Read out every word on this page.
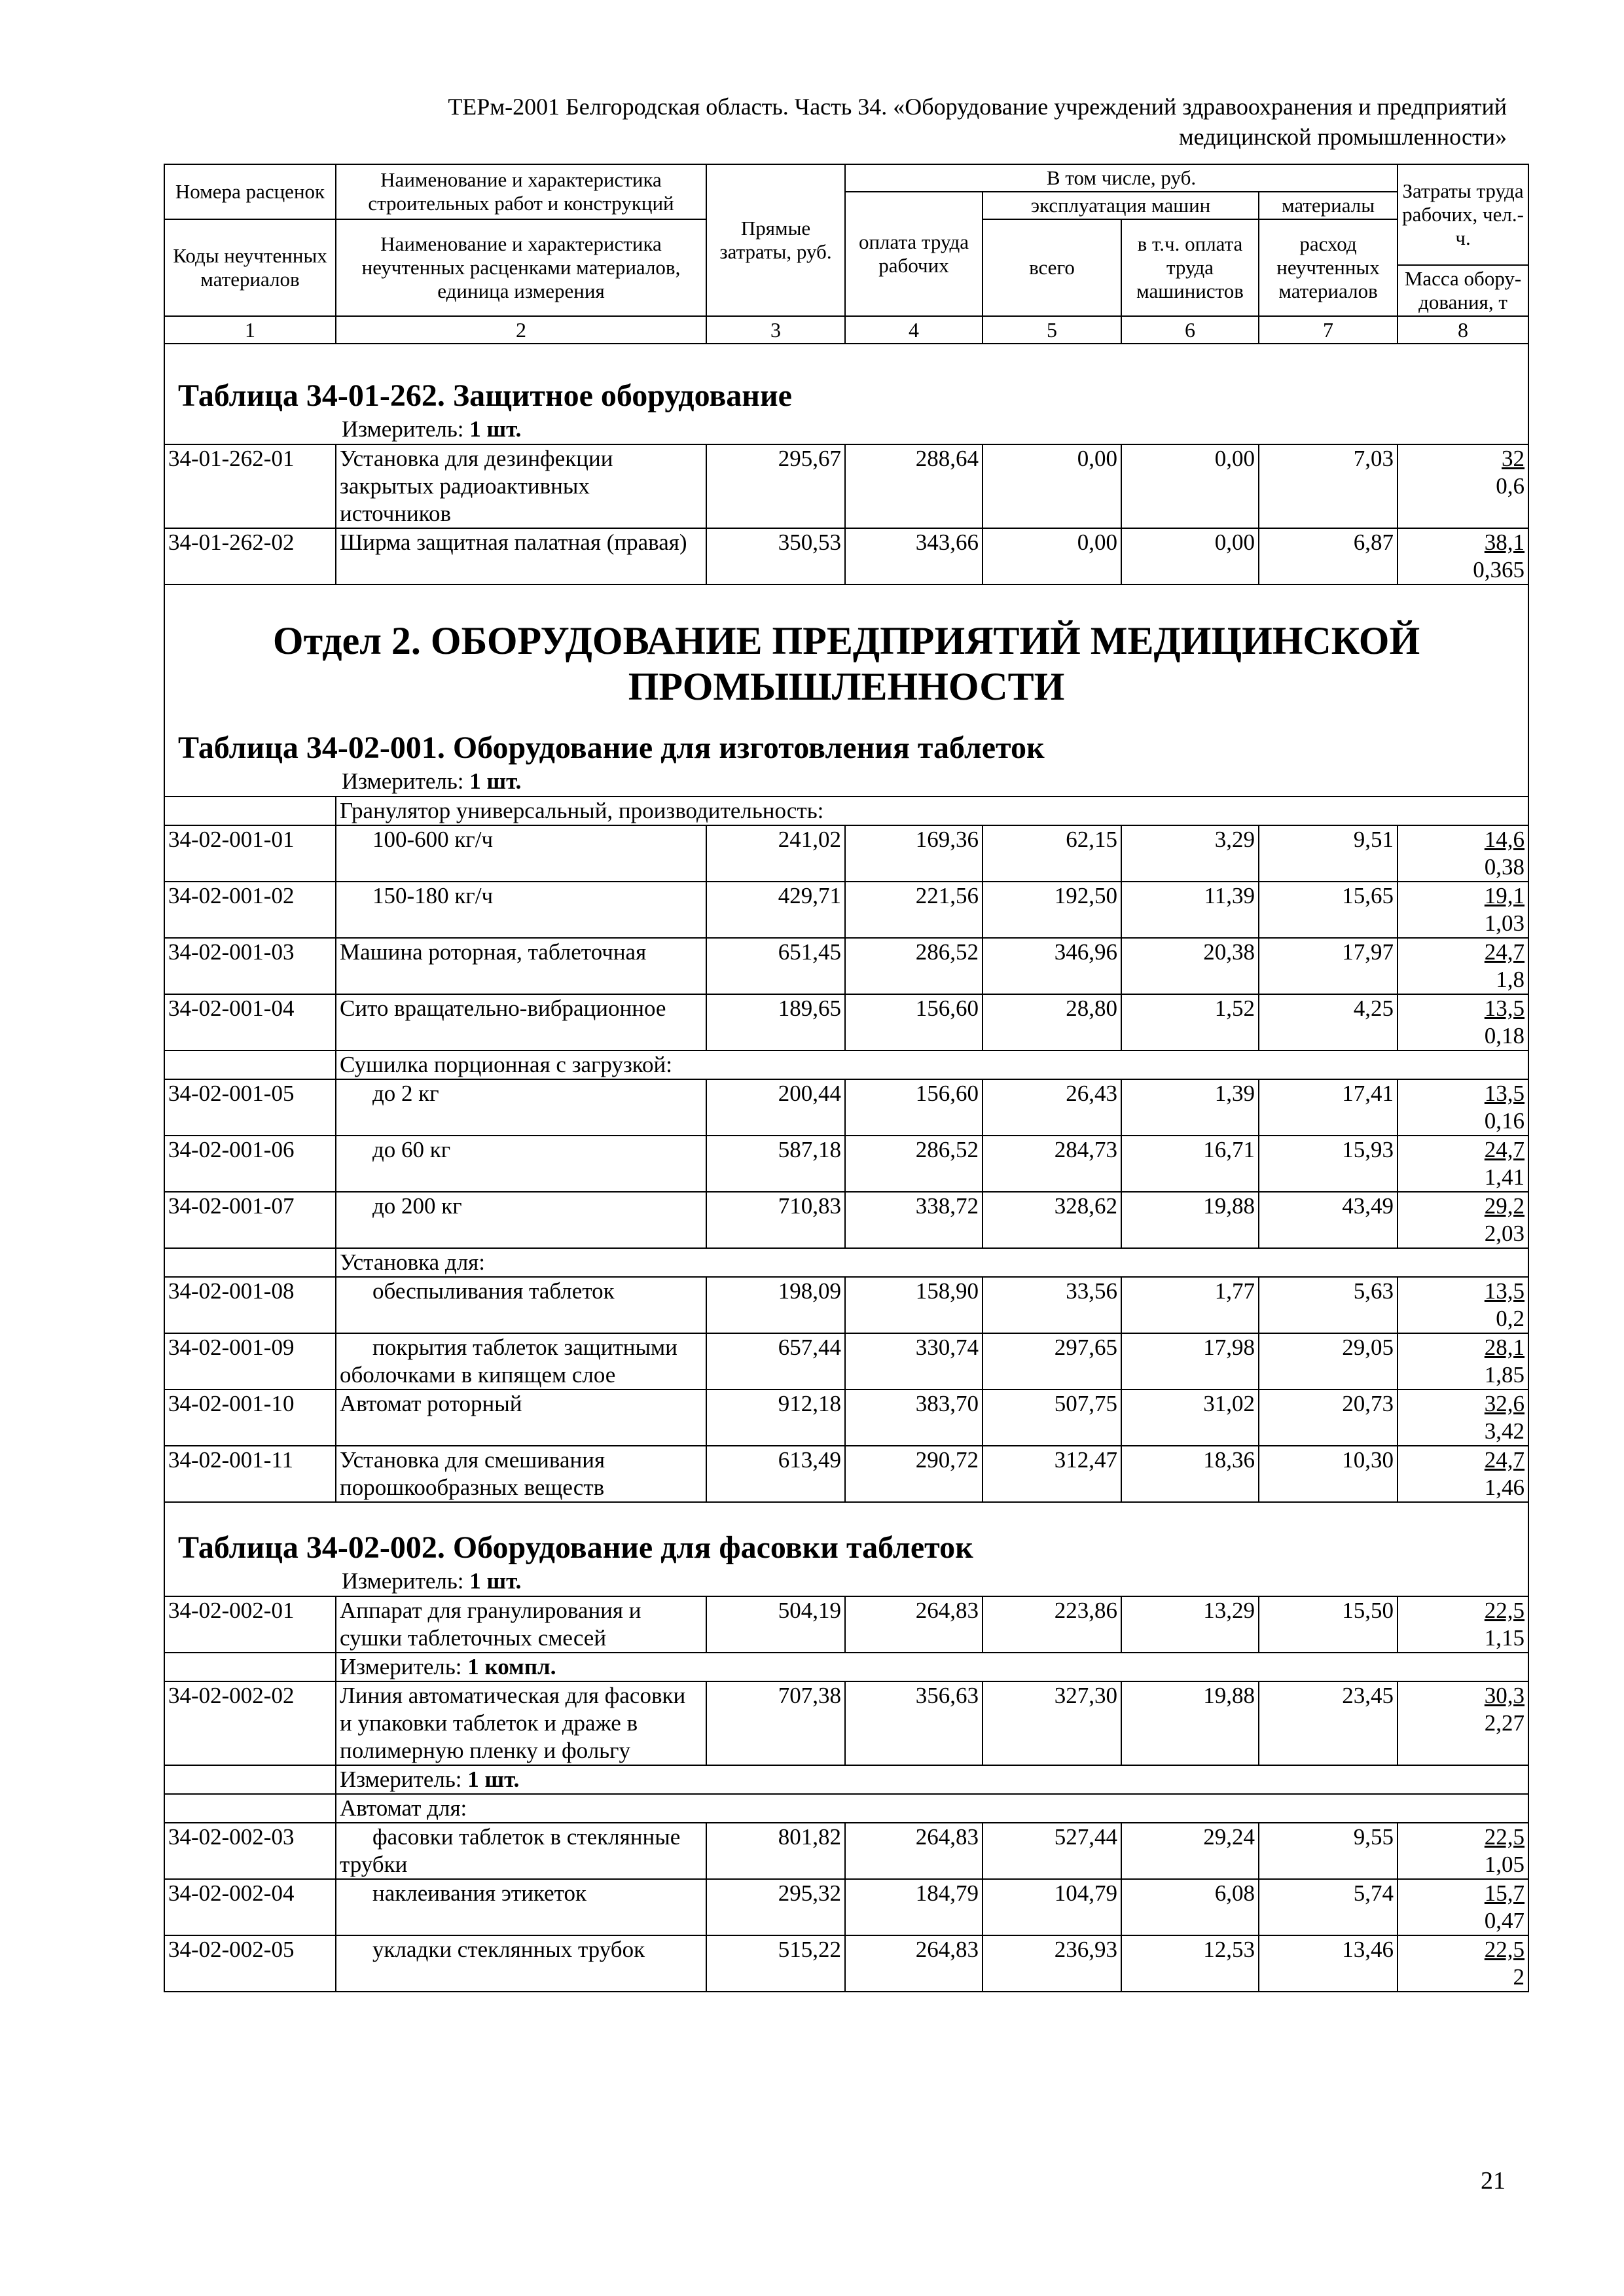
ТЕРм-2001 Белгородская область. Часть 34. «Оборудование учреждений здравоохранения и предприятий
медицинской промышленности»
Номера расценок	Наименование и характеристика строительных работ и конструкций	Прямые затраты, руб.	В том числе, руб.				Затраты труда рабочих, чел.-ч.
			оплата труда рабочих	эксплуатация машин		материалы	
Коды неучтенных материалов	Наименование и характеристика неучтенных расценками материалов, единица измерения			всего	в т.ч. оплата труда машинистов	расход неучтенных материалов	
							Масса обору-дования, т
1	2	3	4	5	6	7	8

Таблица 34-01-262. Защитное оборудование
Измеритель: 1 шт.							

34-01-262-01	Установка для дезинфекции закрытых радиоактивных источников	295,67	288,64	0,00	0,00	7,03	32
0,6

34-01-262-02	Ширма защитная палатная (правая)	350,53	343,66	0,00	0,00	6,87	38,1
0,365

Отдел 2. ОБОРУДОВАНИЕ ПРЕДПРИЯТИЙ МЕДИЦИНСКОЙ
ПРОМЫШЛЕННОСТИ
Таблица 34-02-001. Оборудование для изготовления таблеток
Измеритель: 1 шт.							

	Гранулятор универсальный, производительность:						
34-02-001-01	100-600 кг/ч	241,02	169,36	62,15	3,29	9,51	14,6
0,38

34-02-001-02	150-180 кг/ч	429,71	221,56	192,50	11,39	15,65	19,1
1,03

34-02-001-03	Машина роторная, таблеточная	651,45	286,52	346,96	20,38	17,97	24,7
1,8

34-02-001-04	Сито вращательно-вибрационное	189,65	156,60	28,80	1,52	4,25	13,5
0,18

	Сушилка порционная с загрузкой:						
34-02-001-05	до 2 кг	200,44	156,60	26,43	1,39	17,41	13,5
0,16

34-02-001-06	до 60 кг	587,18	286,52	284,73	16,71	15,93	24,7
1,41

34-02-001-07	до 200 кг	710,83	338,72	328,62	19,88	43,49	29,2
2,03

	Установка для:						
34-02-001-08	обеспыливания таблеток	198,09	158,90	33,56	1,77	5,63	13,5
0,2

34-02-001-09	покрытия таблеток защитными
оболочками в кипящем слое	657,44	330,74	297,65	17,98	29,05	28,1
1,85

34-02-001-10	Автомат роторный	912,18	383,70	507,75	31,02	20,73	32,6
3,42

34-02-001-11	Установка для смешивания порошкообразных веществ	613,49	290,72	312,47	18,36	10,30	24,7
1,46

Таблица 34-02-002. Оборудование для фасовки таблеток
Измеритель: 1 шт.							

34-02-002-01	Аппарат для гранулирования и сушки таблеточных смесей	504,19	264,83	223,86	13,29	15,50	22,5
1,15

	Измеритель: 1 компл.						
34-02-002-02	Линия автоматическая для фасовки и упаковки таблеток и драже в полимерную пленку и фольгу	707,38	356,63	327,30	19,88	23,45	30,3
2,27

	Измеритель: 1 шт.						
	Автомат для:						
34-02-002-03	фасовки таблеток в стеклянные
трубки	801,82	264,83	527,44	29,24	9,55	22,5
1,05

34-02-002-04	наклеивания этикеток	295,32	184,79	104,79	6,08	5,74	15,7
0,47

34-02-002-05	укладки стеклянных трубок	515,22	264,83	236,93	12,53	13,46	22,5
2
21
